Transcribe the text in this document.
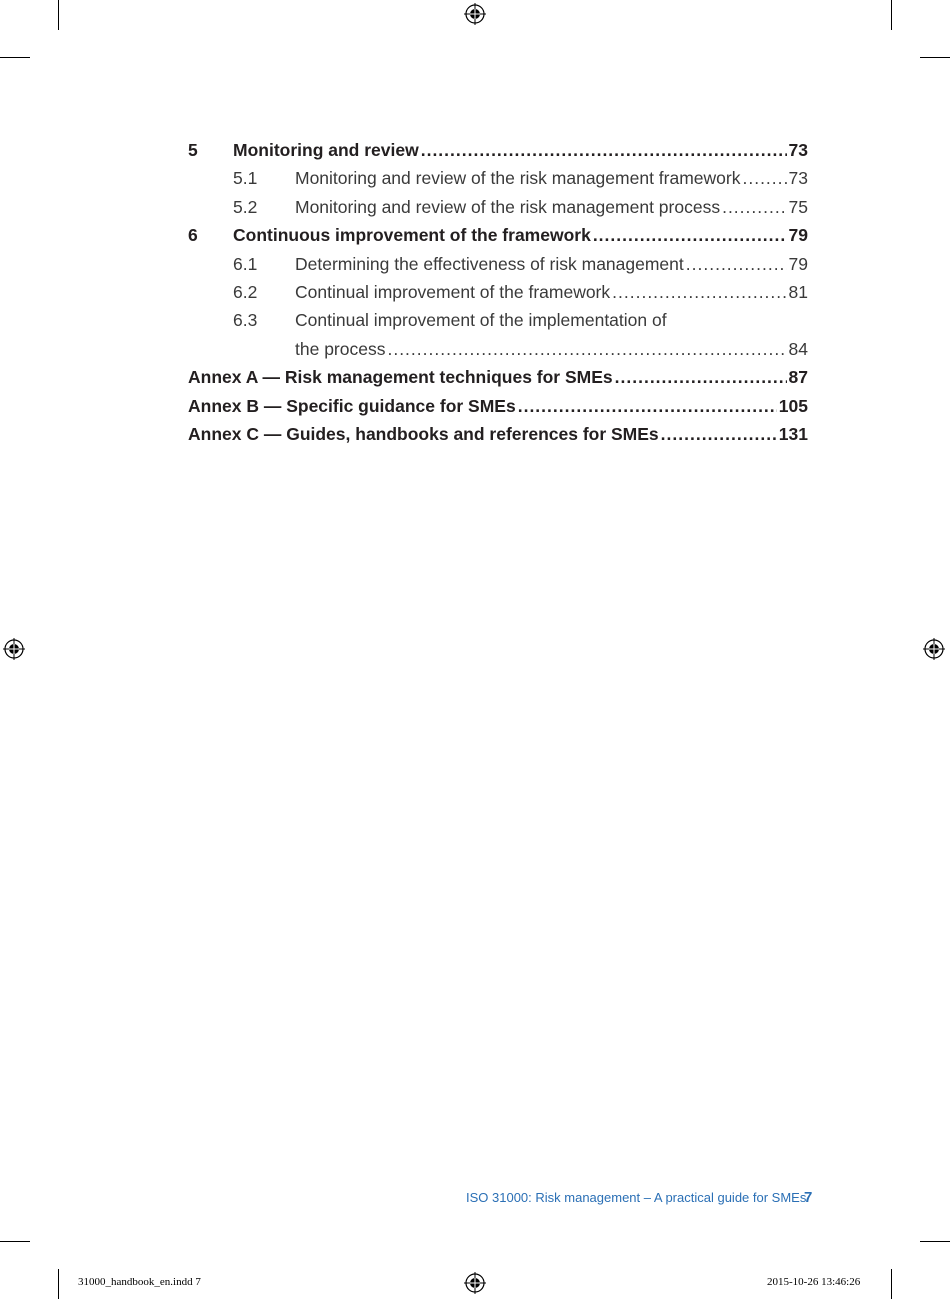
5	Monitoring and review .....	73
5.1	Monitoring and review of the risk management framework .....	73
5.2	Monitoring and review of the risk management process .....	75
6	Continuous improvement of the framework .....	79
6.1	Determining the effectiveness of risk management .....	79
6.2	Continual improvement of the framework .....	81
6.3	Continual improvement of the implementation of
the process .....	84
Annex A — Risk management techniques for SMEs .....	87
Annex B — Specific guidance for SMEs .....	105
Annex C — Guides, handbooks and references for SMEs .....	131
ISO 31000: Risk management – A practical guide for SMEs
7
31000_handbook_en.indd 7	2015-10-26 13:46:26
